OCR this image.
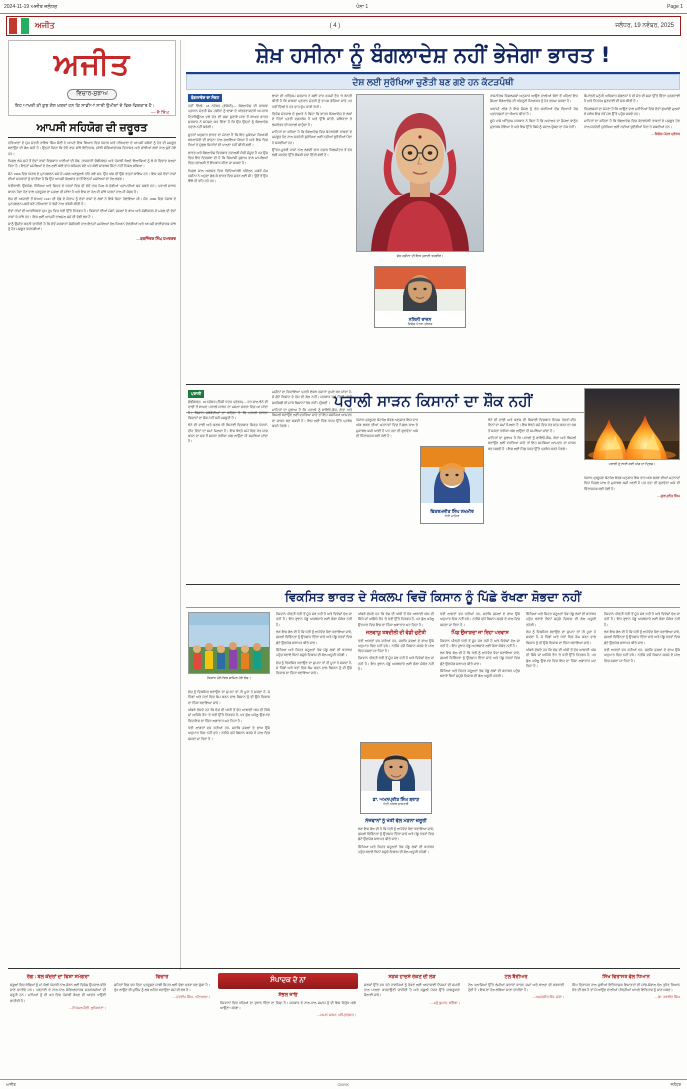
2024-11-19 ਅਜੀਤ ਜਲੰਧਰ	ਪੰਨਾ 1	Page 1
ਅਜੀਤ	( 4 )	ਜਲੰਧਰ, 19 ਨਵੰਬਰ, 2025
ਅਜੀਤ
ਵਿਚਾਰ-ਸੁਝਾਅ
ਇਹ ਆਖ਼ਰੀ ਕੀ ਕੁਝ ਗੱਲ ਖ਼ਬਰਾਂ ਹਨ ਕਿ ਸਾਡੀਆਂ ਸਾਰੀ ਉਮੀਦਾਂ ਦੇ ਵਿਚ-ਵਿਚਕਾਰ ਹੈ।
— ਜੈ ਸਿੰਘ
ਆਪਸੀ ਸਹਿਯੋਗ ਦੀ ਜ਼ਰੂਰਤ

ਹਰਿਆਣਾ ਦੇ ਮੁੱਖ ਮੰਤਰੀ ਨਾਇਬ ਸਿੰਘ ਸੈਣੀ ਨੇ ਆਪਣੇ ਇਕ ਬਿਆਨ ਵਿਚ ਪੰਜਾਬ ਅਤੇ ਹਰਿਆਣਾ ਦੇ ਆਪਸੀ ਸਬੰਧਾਂ ਨੂੰ ਹੋਰ ਵੀ ਮਜ਼ਬੂਤ ਬਣਾਉਣ ਦੀ ਗੱਲ ਕਹੀ ਹੈ। ਉਨ੍ਹਾਂ ਕਿਹਾ ਕਿ ਦੋਵੇਂ ਰਾਜ ਸਾਂਝੇ ਇਤਿਹਾਸ, ਸਾਂਝੀ ਸੱਭਿਆਚਾਰਕ ਵਿਰਾਸਤ ਅਤੇ ਸਾਂਝੀਆਂ ਲੋੜਾਂ ਨਾਲ ਜੁੜੇ ਹੋਏ ਹਨ।

ਪਿਛਲੇ ਲੰਮੇ ਸਮੇਂ ਤੋਂ ਦੋਵਾਂ ਰਾਜਾਂ ਵਿਚਕਾਰ ਪਾਣੀਆਂ ਦੀ ਵੰਡ, ਰਾਜਧਾਨੀ ਚੰਡੀਗੜ੍ਹ ਅਤੇ ਪੰਜਾਬੀ ਬੋਲਦੇ ਇਲਾਕਿਆਂ ਨੂੰ ਲੈ ਕੇ ਵਿਵਾਦ ਚਲਦਾ ਰਿਹਾ ਹੈ। ਇਨ੍ਹਾਂ ਮਸਲਿਆਂ ਦੇ ਹੱਲ ਲਈ ਕਈ ਵਾਰ ਕਮਿਸ਼ਨ ਬਣੇ ਪਰ ਕੋਈ ਸਾਰਥਕ ਸਿੱਟਾ ਨਹੀਂ ਨਿਕਲ ਸਕਿਆ।

ਸੰਨ 1966 ਵਿਚ ਪੰਜਾਬ ਦੇ ਪੁਨਰਗਠਨ ਸਮੇਂ ਜੋ ਮਸਲੇ ਅਣਸੁਲਝੇ ਰਹਿ ਗਏ ਸਨ, ਉਹ ਅੱਜ ਵੀ ਉਸੇ ਤਰ੍ਹਾਂ ਕਾਇਮ ਹਨ। ਇਸ ਸਮੇਂ ਦੋਵਾਂ ਰਾਜਾਂ ਦੀਆਂ ਸਰਕਾਰਾਂ ਨੂੰ ਚਾਹੀਦਾ ਹੈ ਕਿ ਉਹ ਆਪਸੀ ਗੱਲਬਾਤ ਰਾਹੀਂ ਇਨ੍ਹਾਂ ਮਸਲਿਆਂ ਦਾ ਹੱਲ ਲੱਭਣ।

ਖੇਤੀਬਾੜੀ, ਉਦਯੋਗ, ਸਿੱਖਿਆ ਅਤੇ ਸਿਹਤ ਦੇ ਖੇਤਰਾਂ ਵਿਚ ਵੀ ਦੋਵੇਂ ਰਾਜ ਮਿਲ ਕੇ ਵੱਡੀਆਂ ਪ੍ਰਾਪਤੀਆਂ ਕਰ ਸਕਦੇ ਹਨ। ਪਰਾਲੀ ਸਾੜਨ ਕਾਰਨ ਪੈਦਾ ਹੋਣ ਵਾਲੇ ਪ੍ਰਦੂਸ਼ਣ ਦਾ ਮਸਲਾ ਵੀ ਸਾਂਝਾ ਹੈ ਅਤੇ ਇਸ ਦਾ ਹੱਲ ਵੀ ਸਾਂਝੇ ਯਤਨਾਂ ਨਾਲ ਹੀ ਸੰਭਵ ਹੈ।

ਦੇਸ਼ ਦੀ ਆਜ਼ਾਦੀ ਤੋਂ ਬਾਅਦ 1947 ਦੀ ਵੰਡ ਦੇ ਸੰਤਾਪ ਨੂੰ ਦੋਵਾਂ ਰਾਜਾਂ ਦੇ ਲੋਕਾਂ ਨੇ ਇਕੋ ਜਿਹਾ ਹੰਢਾਇਆ ਸੀ। ਸੰਨ 1966 ਵਿਚ ਪੰਜਾਬ ਦੇ ਪੁਨਰਗਠਨ ਮਗਰੋਂ ਬਣੇ ਹਰਿਆਣਾ ਨੇ ਤੇਜ਼ੀ ਨਾਲ ਤਰੱਕੀ ਕੀਤੀ ਹੈ।

ਦੋਵਾਂ ਰਾਜਾਂ ਦੀ ਆਰਥਿਕਤਾ ਮੁੱਖ ਰੂਪ ਵਿਚ ਖੇਤੀ ਉੱਤੇ ਨਿਰਭਰ ਹੈ। ਕਿਸਾਨਾਂ ਦੀਆਂ ਮੰਗਾਂ, ਫ਼ਸਲਾਂ ਦੇ ਭਾਅ ਅਤੇ ਮੰਡੀਕਰਨ ਦੇ ਮਸਲੇ ਵੀ ਦੋਵਾਂ ਰਾਜਾਂ ਦੇ ਸਾਂਝੇ ਹਨ। ਇਸ ਲਈ ਆਪਸੀ ਤਾਲਮੇਲ ਸਮੇਂ ਦੀ ਵੱਡੀ ਲੋੜ ਹੈ।

ਸਾਨੂੰ ਉਮੀਦ ਕਰਨੀ ਚਾਹੀਦੀ ਹੈ ਕਿ ਦੋਵੇਂ ਸਰਕਾਰਾਂ ਸੰਜੀਦਗੀ ਨਾਲ ਇਨ੍ਹਾਂ ਮਸਲਿਆਂ ਵੱਲ ਧਿਆਨ ਦੇਣਗੀਆਂ ਅਤੇ ਆਪਸੀ ਭਾਈਚਾਰਕ ਸਾਂਝ ਨੂੰ ਹੋਰ ਮਜ਼ਬੂਤ ਕਰਨਗੀਆਂ।

—ਬਰਜਿੰਦਰ ਸਿੰਘ ਹਮਦਰਦ
ਸ਼ੇਖ਼ ਹਸੀਨਾ ਨੂੰ ਬੰਗਲਾਦੇਸ਼ ਨਹੀਂ ਭੇਜੇਗਾ ਭਾਰਤ !
ਦੇਸ਼ ਲਈ ਸੁਰੱਖਿਆ ਚੁਣੌਤੀ ਬਣ ਗਏ ਹਨ ਕੱਟੜਪੰਥੀ
ਬੰਗਲਾਦੇਸ਼ ਦਾ ਸੰਕਟ

ਨਵੀਂ ਦਿੱਲੀ, 18 ਨਵੰਬਰ (ਏਜੰਸੀ)— ਬੰਗਲਾਦੇਸ਼ ਦੀ ਸਾਬਕਾ ਪ੍ਰਧਾਨ ਮੰਤਰੀ ਸ਼ੇਖ਼ ਹਸੀਨਾ ਨੂੰ ਢਾਕਾ ਦੇ ਅੰਤਰਰਾਸ਼ਟਰੀ ਅਪਰਾਧ ਟ੍ਰਿਬਿਊਨਲ ਵਲੋਂ ਮੌਤ ਦੀ ਸਜ਼ਾ ਸੁਣਾਏ ਜਾਣ ਤੋਂ ਬਾਅਦ ਭਾਰਤ ਸਰਕਾਰ ਨੇ ਸਪੱਸ਼ਟ ਕਰ ਦਿੱਤਾ ਹੈ ਕਿ ਉਹ ਉਨ੍ਹਾਂ ਨੂੰ ਬੰਗਲਾਦੇਸ਼ ਹਵਾਲੇ ਨਹੀਂ ਕਰੇਗੀ।

ਸੂਤਰਾਂ ਅਨੁਸਾਰ ਭਾਰਤ ਦਾ ਮੰਨਣਾ ਹੈ ਕਿ ਇਹ ਮੁਕੱਦਮਾ ਸਿਆਸੀ ਬਦਲਾਖੋਰੀ ਦੀ ਭਾਵਨਾ ਨਾਲ ਚਲਾਇਆ ਗਿਆ ਹੈ ਅਤੇ ਇਸ ਵਿਚ ਨਿਆਂ ਦੇ ਮੁੱਢਲੇ ਸਿਧਾਂਤਾਂ ਦੀ ਪਾਲਣਾ ਨਹੀਂ ਕੀਤੀ ਗਈ।

ਭਾਰਤ ਅਤੇ ਬੰਗਲਾਦੇਸ਼ ਵਿਚਕਾਰ ਹਵਾਲਗੀ ਸੰਧੀ ਮੌਜੂਦ ਹੈ ਪਰ ਉਸ ਵਿਚ ਇਹ ਵਿਵਸਥਾ ਵੀ ਹੈ ਕਿ ਸਿਆਸੀ ਸੁਭਾਅ ਵਾਲੇ ਮਾਮਲਿਆਂ ਵਿਚ ਹਵਾਲਗੀ ਤੋਂ ਇਨਕਾਰ ਕੀਤਾ ਜਾ ਸਕਦਾ ਹੈ।

ਪਿਛਲੇ ਸਾਲ ਅਗਸਤ ਵਿਚ ਵਿਦਿਆਰਥੀ ਅੰਦੋਲਨ ਮਗਰੋਂ ਸ਼ੇਖ਼ ਹਸੀਨਾ ਨੇ ਅਹੁਦਾ ਛੱਡ ਕੇ ਭਾਰਤ ਵਿਚ ਸ਼ਰਨ ਲਈ ਸੀ। ਉਦੋਂ ਤੋਂ ਉਹ ਇੱਥੇ ਹੀ ਰਹਿ ਰਹੇ ਹਨ।

ਢਾਕਾ ਦੀ ਅੰਤ੍ਰਿਮ ਸਰਕਾਰ ਨੇ ਕਈ ਵਾਰ ਰਸਮੀ ਤੌਰ 'ਤੇ ਬੇਨਤੀ ਕੀਤੀ ਹੈ ਕਿ ਸਾਬਕਾ ਪ੍ਰਧਾਨ ਮੰਤਰੀ ਨੂੰ ਵਾਪਸ ਭੇਜਿਆ ਜਾਵੇ ਪਰ ਨਵੀਂ ਦਿੱਲੀ ਨੇ ਹਰ ਵਾਰ ਚੁੱਪ ਧਾਰੀ ਰੱਖੀ।

ਵਿਦੇਸ਼ ਮੰਤਰਾਲੇ ਦੇ ਬੁਲਾਰੇ ਨੇ ਕਿਹਾ ਕਿ ਭਾਰਤ ਬੰਗਲਾਦੇਸ਼ ਦੇ ਲੋਕਾਂ ਦੇ ਹਿੱਤਾਂ ਪ੍ਰਤੀ ਵਚਨਬੱਧ ਹੈ ਅਤੇ ਉੱਥੇ ਸ਼ਾਂਤੀ, ਸਥਿਰਤਾ ਤੇ ਲੋਕਤੰਤਰ ਦੀ ਬਹਾਲੀ ਚਾਹੁੰਦਾ ਹੈ।

ਮਾਹਿਰਾਂ ਦਾ ਕਹਿਣਾ ਹੈ ਕਿ ਬੰਗਲਾਦੇਸ਼ ਵਿਚ ਕੱਟੜਪੰਥੀ ਤਾਕਤਾਂ ਦੇ ਮਜ਼ਬੂਤ ਹੋਣ ਨਾਲ ਸਰਹੱਦੀ ਸੁਰੱਖਿਆ ਲਈ ਨਵੀਆਂ ਚੁਣੌਤੀਆਂ ਪੈਦਾ ਹੋ ਸਕਦੀਆਂ ਹਨ।

ਉੱਤਰ-ਪੂਰਬੀ ਰਾਜਾਂ ਨਾਲ ਲੱਗਦੀ ਚਾਰ ਹਜ਼ਾਰ ਕਿਲੋਮੀਟਰ ਤੋਂ ਵੱਧ ਲੰਬੀ ਸਰਹੱਦ ਉੱਤੇ ਚੌਕਸੀ ਵਧਾ ਦਿੱਤੀ ਗਈ ਹੈ।

ਸ਼ੇਖ਼ ਹਸੀਨਾ ਦੀ ਇਕ ਪੁਰਾਣੀ ਤਸਵੀਰ।
ਨਲਿਨੀ ਰਾਜਨ
ਵਿਸ਼ੇਸ਼ ਪੱਤਰ ਪ੍ਰੇਰਕ

ਰਾਜਨੀਤਕ ਵਿਸ਼ਲੇਸ਼ਕਾਂ ਅਨੁਸਾਰ ਆਉਣ ਵਾਲੀਆਂ ਚੋਣਾਂ ਤੋਂ ਪਹਿਲਾਂ ਇਹ ਫ਼ੈਸਲਾ ਬੰਗਲਾਦੇਸ਼ ਦੀ ਅੰਦਰੂਨੀ ਸਿਆਸਤ ਨੂੰ ਹੋਰ ਗਰਮਾ ਸਕਦਾ ਹੈ।

ਅਵਾਮੀ ਲੀਗ ਨੇ ਇਸ ਫ਼ੈਸਲੇ ਨੂੰ ਰੱਦ ਕਰਦਿਆਂ ਦੇਸ਼ ਵਿਆਪੀ ਰੋਸ ਪ੍ਰਦਰਸ਼ਨਾਂ ਦਾ ਐਲਾਨ ਕੀਤਾ ਹੈ।

ਦੂਜੇ ਪਾਸੇ ਅੰਤ੍ਰਿਮ ਸਰਕਾਰ ਨੇ ਕਿਹਾ ਹੈ ਕਿ ਅਦਾਲਤ ਦਾ ਫ਼ੈਸਲਾ ਕਾਨੂੰਨ ਮੁਤਾਬਕ ਹੋਇਆ ਹੈ ਅਤੇ ਇਸ ਉੱਤੇ ਕਿਸੇ ਨੂੰ ਸਵਾਲ ਚੁੱਕਣ ਦਾ ਹੱਕ ਨਹੀਂ।

ਕੌਮਾਂਤਰੀ ਮਨੁੱਖੀ ਅਧਿਕਾਰ ਸੰਗਠਨਾਂ ਨੇ ਵੀ ਮੌਤ ਦੀ ਸਜ਼ਾ ਉੱਤੇ ਚਿੰਤਾ ਪ੍ਰਗਟਾਈ ਹੈ ਅਤੇ ਨਿਰਪੱਖ ਸੁਣਵਾਈ ਦੀ ਮੰਗ ਕੀਤੀ ਹੈ।

ਵਿਸ਼ਲੇਸ਼ਕਾਂ ਦਾ ਮੰਨਣਾ ਹੈ ਕਿ ਆਉਣ ਵਾਲੇ ਮਹੀਨਿਆਂ ਵਿਚ ਦੋਵਾਂ ਗੁਆਂਢੀ ਮੁਲਕਾਂ ਦੇ ਸਬੰਧ ਇਕ ਨਵੇਂ ਮੋੜ ਉੱਤੇ ਪਹੁੰਚ ਸਕਦੇ ਹਨ।

ਮਾਹਿਰਾਂ ਦਾ ਕਹਿਣਾ ਹੈ ਕਿ ਬੰਗਲਾਦੇਸ਼ ਵਿਚ ਕੱਟੜਪੰਥੀ ਤਾਕਤਾਂ ਦੇ ਮਜ਼ਬੂਤ ਹੋਣ ਨਾਲ ਸਰਹੱਦੀ ਸੁਰੱਖਿਆ ਲਈ ਨਵੀਆਂ ਚੁਣੌਤੀਆਂ ਪੈਦਾ ਹੋ ਸਕਦੀਆਂ ਹਨ।

—ਵਿਸ਼ੇਸ਼ ਪੱਤਰ ਪ੍ਰੇਰਕ
ਪਰਾਲੀ ਸਾੜਨ ਕਿਸਾਨਾਂ ਦਾ ਸ਼ੌਕ ਨਹੀਂ
ਪਰਾਲੀ

ਚੰਡੀਗੜ੍ਹ, 18 ਨਵੰਬਰ (ਨਿੱਜੀ ਪੱਤਰ ਪ੍ਰੇਰਕ)— ਹਰ ਸਾਲ ਝੋਨੇ ਦੀ ਵਾਢੀ ਤੋਂ ਬਾਅਦ ਪਰਾਲੀ ਸਾੜਨ ਦਾ ਮਸਲਾ ਚਰਚਾ ਵਿਚ ਆ ਜਾਂਦਾ ਹੈ। ਕਿਸਾਨ ਜਥੇਬੰਦੀਆਂ ਦਾ ਕਹਿਣਾ ਹੈ ਕਿ ਪਰਾਲੀ ਸਾੜਨਾ ਕਿਸਾਨਾਂ ਦਾ ਸ਼ੌਕ ਨਹੀਂ ਸਗੋਂ ਮਜਬੂਰੀ ਹੈ।

ਝੋਨੇ ਦੀ ਵਾਢੀ ਅਤੇ ਕਣਕ ਦੀ ਬਿਜਾਈ ਵਿਚਕਾਰ ਸਿਰਫ਼ ਪੰਦਰਾਂ-ਵੀਹ ਦਿਨਾਂ ਦਾ ਸਮਾਂ ਮਿਲਦਾ ਹੈ। ਇਸ ਥੋੜ੍ਹੇ ਸਮੇਂ ਵਿਚ ਖੇਤ ਸਾਫ਼ ਕਰਨ ਦਾ ਸਭ ਤੋਂ ਸਸਤਾ ਤਰੀਕਾ ਅੱਗ ਲਾਉਣਾ ਹੀ ਸਮਝਿਆ ਜਾਂਦਾ ਹੈ।

ਮਸ਼ੀਨਾਂ ਦਾ ਕਿਰਾਇਆ ਪ੍ਰਤੀ ਏਕੜ ਹਜ਼ਾਰਾਂ ਰੁਪਏ ਬਣ ਜਾਂਦਾ ਹੈ, ਜੋ ਛੋਟੇ ਕਿਸਾਨ ਦੇ ਵੱਸ ਦੀ ਗੱਲ ਨਹੀਂ। ਸਰਕਾਰ ਵਲੋਂ ਦਿੱਤੀ ਜਾਂਦੀ ਸਬਸਿਡੀ ਵੀ ਸਾਰੇ ਕਿਸਾਨਾਂ ਤੱਕ ਨਹੀਂ ਪਹੁੰਚਦੀ।

ਮਾਹਿਰਾਂ ਦਾ ਸੁਝਾਅ ਹੈ ਕਿ ਪਰਾਲੀ ਨੂੰ ਬਾਇਓ-ਗੈਸ, ਗੱਤਾ ਅਤੇ ਬਿਜਲੀ ਬਣਾਉਣ ਲਈ ਵਰਤਿਆ ਜਾਵੇ ਤਾਂ ਇਹ ਸਮੱਸਿਆ ਆਮਦਨ ਦਾ ਸਾਧਨ ਬਣ ਸਕਦੀ ਹੈ। ਇਸ ਲਈ ਪਿੰਡ ਪੱਧਰ ਉੱਤੇ ਪ੍ਰਬੰਧ ਕਰਨੇ ਪੈਣਗੇ।

ਪੰਜਾਬ ਪ੍ਰਦੂਸ਼ਣ ਕੰਟਰੋਲ ਬੋਰਡ ਅਨੁਸਾਰ ਇਸ ਵਾਰ ਅੱਗ ਲੱਗਣ ਦੀਆਂ ਘਟਨਾਵਾਂ ਵਿਚ ਪਿਛਲੇ ਸਾਲ ਦੇ ਮੁਕਾਬਲੇ ਕਮੀ ਆਈ ਹੈ ਪਰ ਹਵਾ ਦੀ ਗੁਣਵੱਤਾ ਅਜੇ ਵੀ ਚਿੰਤਾਜਨਕ ਬਣੀ ਹੋਈ ਹੈ।

ਵਿਕਰਮਜੀਤ ਸਿੰਘ ਲਖਮੀਰ
ਖੇਤੀ ਮਾਹਿਰ

ਝੋਨੇ ਦੀ ਵਾਢੀ ਅਤੇ ਕਣਕ ਦੀ ਬਿਜਾਈ ਵਿਚਕਾਰ ਸਿਰਫ਼ ਪੰਦਰਾਂ-ਵੀਹ ਦਿਨਾਂ ਦਾ ਸਮਾਂ ਮਿਲਦਾ ਹੈ। ਇਸ ਥੋੜ੍ਹੇ ਸਮੇਂ ਵਿਚ ਖੇਤ ਸਾਫ਼ ਕਰਨ ਦਾ ਸਭ ਤੋਂ ਸਸਤਾ ਤਰੀਕਾ ਅੱਗ ਲਾਉਣਾ ਹੀ ਸਮਝਿਆ ਜਾਂਦਾ ਹੈ।

ਮਾਹਿਰਾਂ ਦਾ ਸੁਝਾਅ ਹੈ ਕਿ ਪਰਾਲੀ ਨੂੰ ਬਾਇਓ-ਗੈਸ, ਗੱਤਾ ਅਤੇ ਬਿਜਲੀ ਬਣਾਉਣ ਲਈ ਵਰਤਿਆ ਜਾਵੇ ਤਾਂ ਇਹ ਸਮੱਸਿਆ ਆਮਦਨ ਦਾ ਸਾਧਨ ਬਣ ਸਕਦੀ ਹੈ। ਇਸ ਲਈ ਪਿੰਡ ਪੱਧਰ ਉੱਤੇ ਪ੍ਰਬੰਧ ਕਰਨੇ ਪੈਣਗੇ।

ਪਰਾਲੀ ਨੂੰ ਲਾਈ ਗਈ ਅੱਗ ਦਾ ਦ੍ਰਿਸ਼।

ਪੰਜਾਬ ਪ੍ਰਦੂਸ਼ਣ ਕੰਟਰੋਲ ਬੋਰਡ ਅਨੁਸਾਰ ਇਸ ਵਾਰ ਅੱਗ ਲੱਗਣ ਦੀਆਂ ਘਟਨਾਵਾਂ ਵਿਚ ਪਿਛਲੇ ਸਾਲ ਦੇ ਮੁਕਾਬਲੇ ਕਮੀ ਆਈ ਹੈ ਪਰ ਹਵਾ ਦੀ ਗੁਣਵੱਤਾ ਅਜੇ ਵੀ ਚਿੰਤਾਜਨਕ ਬਣੀ ਹੋਈ ਹੈ।

—ਗੁਰਪ੍ਰੀਤ ਸਿੰਘ
ਵਿਕਸਿਤ ਭਾਰਤ ਦੇ ਸੰਕਲਪ ਵਿਚੋਂ ਕਿਸਾਨ ਨੂੰ ਪਿੱਛੇ ਰੱਖਣਾ ਸ਼ੋਭਦਾ ਨਹੀਂ
ਕਿਸਾਨ ਮੇਲੇ ਵਿਚ ਸ਼ਾਮਿਲ ਹੋਏ ਲੋਕ।

ਦੇਸ਼ ਨੂੰ ਵਿਕਸਿਤ ਬਣਾਉਣ ਦਾ ਸੁਪਨਾ ਤਾਂ ਹੀ ਪੂਰਾ ਹੋ ਸਕਦਾ ਹੈ, ਜੇ ਪਿੰਡਾਂ ਅਤੇ ਖੇਤਾਂ ਵਿਚ ਕੰਮ ਕਰਨ ਵਾਲੇ ਕਿਸਾਨ ਨੂੰ ਵੀ ਉਸੇ ਵਿਕਾਸ ਦਾ ਹਿੱਸਾ ਬਣਾਇਆ ਜਾਵੇ।

ਅੰਕੜੇ ਦੱਸਦੇ ਹਨ ਕਿ ਦੇਸ਼ ਦੀ ਅੱਧੀ ਤੋਂ ਵੱਧ ਆਬਾਦੀ ਅੱਜ ਵੀ ਸਿੱਧੇ ਜਾਂ ਅਸਿੱਧੇ ਤੌਰ 'ਤੇ ਖੇਤੀ ਉੱਤੇ ਨਿਰਭਰ ਹੈ, ਪਰ ਕੁੱਲ ਘਰੇਲੂ ਉਤਪਾਦ ਵਿਚ ਇਸ ਦਾ ਹਿੱਸਾ ਲਗਾਤਾਰ ਘਟ ਰਿਹਾ ਹੈ।

ਖੇਤੀ ਲਾਗਤਾਂ ਵਧ ਰਹੀਆਂ ਹਨ, ਜਦਕਿ ਫ਼ਸਲਾਂ ਦੇ ਭਾਅ ਉਸੇ ਅਨੁਪਾਤ ਵਿਚ ਨਹੀਂ ਵਧੇ। ਨਤੀਜੇ ਵਜੋਂ ਕਿਸਾਨ ਕਰਜ਼ੇ ਦੇ ਜਾਲ ਵਿਚ ਫਸਦਾ ਜਾ ਰਿਹਾ ਹੈ।

ਨੌਜਵਾਨ ਪੀੜ੍ਹੀ ਖੇਤੀ ਤੋਂ ਮੂੰਹ ਮੋੜ ਰਹੀ ਹੈ ਅਤੇ ਵਿਦੇਸ਼ਾਂ ਵੱਲ ਜਾ ਰਹੀ ਹੈ। ਇਹ ਰੁਝਾਨ ਪੇਂਡੂ ਅਰਥਚਾਰੇ ਲਈ ਚੰਗਾ ਸੰਕੇਤ ਨਹੀਂ ਹੈ।

ਲੋੜ ਇਸ ਗੱਲ ਦੀ ਹੈ ਕਿ ਖੇਤੀ ਨੂੰ ਲਾਹੇਵੰਦ ਧੰਦਾ ਬਣਾਇਆ ਜਾਵੇ, ਫ਼ਸਲੀ ਵਿਭਿੰਨਤਾ ਨੂੰ ਉਤਸ਼ਾਹ ਦਿੱਤਾ ਜਾਵੇ ਅਤੇ ਪੇਂਡੂ ਖੇਤਰਾਂ ਵਿਚ ਛੋਟੇ ਉਦਯੋਗ ਸਥਾਪਤ ਕੀਤੇ ਜਾਣ।

ਸਿੱਖਿਆ ਅਤੇ ਸਿਹਤ ਸਹੂਲਤਾਂ ਤੱਕ ਪੇਂਡੂ ਲੋਕਾਂ ਦੀ ਬਰਾਬਰ ਪਹੁੰਚ ਬਣਾਏ ਬਿਨਾਂ ਸਮੁੱਚੇ ਵਿਕਾਸ ਦੀ ਗੱਲ ਅਧੂਰੀ ਰਹੇਗੀ।

ਦੇਸ਼ ਨੂੰ ਵਿਕਸਿਤ ਬਣਾਉਣ ਦਾ ਸੁਪਨਾ ਤਾਂ ਹੀ ਪੂਰਾ ਹੋ ਸਕਦਾ ਹੈ, ਜੇ ਪਿੰਡਾਂ ਅਤੇ ਖੇਤਾਂ ਵਿਚ ਕੰਮ ਕਰਨ ਵਾਲੇ ਕਿਸਾਨ ਨੂੰ ਵੀ ਉਸੇ ਵਿਕਾਸ ਦਾ ਹਿੱਸਾ ਬਣਾਇਆ ਜਾਵੇ।

ਅੰਕੜੇ ਦੱਸਦੇ ਹਨ ਕਿ ਦੇਸ਼ ਦੀ ਅੱਧੀ ਤੋਂ ਵੱਧ ਆਬਾਦੀ ਅੱਜ ਵੀ ਸਿੱਧੇ ਜਾਂ ਅਸਿੱਧੇ ਤੌਰ 'ਤੇ ਖੇਤੀ ਉੱਤੇ ਨਿਰਭਰ ਹੈ, ਪਰ ਕੁੱਲ ਘਰੇਲੂ ਉਤਪਾਦ ਵਿਚ ਇਸ ਦਾ ਹਿੱਸਾ ਲਗਾਤਾਰ ਘਟ ਰਿਹਾ ਹੈ।

ਜਲਵਾਯੂ ਤਬਦੀਲੀ ਦੀ ਵੱਡੀ ਚੁਣੌਤੀ

ਖੇਤੀ ਲਾਗਤਾਂ ਵਧ ਰਹੀਆਂ ਹਨ, ਜਦਕਿ ਫ਼ਸਲਾਂ ਦੇ ਭਾਅ ਉਸੇ ਅਨੁਪਾਤ ਵਿਚ ਨਹੀਂ ਵਧੇ। ਨਤੀਜੇ ਵਜੋਂ ਕਿਸਾਨ ਕਰਜ਼ੇ ਦੇ ਜਾਲ ਵਿਚ ਫਸਦਾ ਜਾ ਰਿਹਾ ਹੈ।

ਨੌਜਵਾਨ ਪੀੜ੍ਹੀ ਖੇਤੀ ਤੋਂ ਮੂੰਹ ਮੋੜ ਰਹੀ ਹੈ ਅਤੇ ਵਿਦੇਸ਼ਾਂ ਵੱਲ ਜਾ ਰਹੀ ਹੈ। ਇਹ ਰੁਝਾਨ ਪੇਂਡੂ ਅਰਥਚਾਰੇ ਲਈ ਚੰਗਾ ਸੰਕੇਤ ਨਹੀਂ ਹੈ।

ਡਾ. ਅਮਨਪ੍ਰੀਤ ਸਿੰਘ ਬਰਾੜ
ਖੇਤੀ ਅਰਥ ਸ਼ਾਸਤਰੀ
ਨੌਜਵਾਨਾਂ ਨੂੰ ਖੇਤੀ ਵੱਲ ਮੋੜਨਾ ਜ਼ਰੂਰੀ

ਲੋੜ ਇਸ ਗੱਲ ਦੀ ਹੈ ਕਿ ਖੇਤੀ ਨੂੰ ਲਾਹੇਵੰਦ ਧੰਦਾ ਬਣਾਇਆ ਜਾਵੇ, ਫ਼ਸਲੀ ਵਿਭਿੰਨਤਾ ਨੂੰ ਉਤਸ਼ਾਹ ਦਿੱਤਾ ਜਾਵੇ ਅਤੇ ਪੇਂਡੂ ਖੇਤਰਾਂ ਵਿਚ ਛੋਟੇ ਉਦਯੋਗ ਸਥਾਪਤ ਕੀਤੇ ਜਾਣ।

ਸਿੱਖਿਆ ਅਤੇ ਸਿਹਤ ਸਹੂਲਤਾਂ ਤੱਕ ਪੇਂਡੂ ਲੋਕਾਂ ਦੀ ਬਰਾਬਰ ਪਹੁੰਚ ਬਣਾਏ ਬਿਨਾਂ ਸਮੁੱਚੇ ਵਿਕਾਸ ਦੀ ਗੱਲ ਅਧੂਰੀ ਰਹੇਗੀ।

ਖੇਤੀ ਲਾਗਤਾਂ ਵਧ ਰਹੀਆਂ ਹਨ, ਜਦਕਿ ਫ਼ਸਲਾਂ ਦੇ ਭਾਅ ਉਸੇ ਅਨੁਪਾਤ ਵਿਚ ਨਹੀਂ ਵਧੇ। ਨਤੀਜੇ ਵਜੋਂ ਕਿਸਾਨ ਕਰਜ਼ੇ ਦੇ ਜਾਲ ਵਿਚ ਫਸਦਾ ਜਾ ਰਿਹਾ ਹੈ।

ਪਿੰਡ ਉਜਾੜਦਾ ਜਾ ਰਿਹਾ ਪਰਵਾਸ

ਨੌਜਵਾਨ ਪੀੜ੍ਹੀ ਖੇਤੀ ਤੋਂ ਮੂੰਹ ਮੋੜ ਰਹੀ ਹੈ ਅਤੇ ਵਿਦੇਸ਼ਾਂ ਵੱਲ ਜਾ ਰਹੀ ਹੈ। ਇਹ ਰੁਝਾਨ ਪੇਂਡੂ ਅਰਥਚਾਰੇ ਲਈ ਚੰਗਾ ਸੰਕੇਤ ਨਹੀਂ ਹੈ।

ਲੋੜ ਇਸ ਗੱਲ ਦੀ ਹੈ ਕਿ ਖੇਤੀ ਨੂੰ ਲਾਹੇਵੰਦ ਧੰਦਾ ਬਣਾਇਆ ਜਾਵੇ, ਫ਼ਸਲੀ ਵਿਭਿੰਨਤਾ ਨੂੰ ਉਤਸ਼ਾਹ ਦਿੱਤਾ ਜਾਵੇ ਅਤੇ ਪੇਂਡੂ ਖੇਤਰਾਂ ਵਿਚ ਛੋਟੇ ਉਦਯੋਗ ਸਥਾਪਤ ਕੀਤੇ ਜਾਣ।

ਸਿੱਖਿਆ ਅਤੇ ਸਿਹਤ ਸਹੂਲਤਾਂ ਤੱਕ ਪੇਂਡੂ ਲੋਕਾਂ ਦੀ ਬਰਾਬਰ ਪਹੁੰਚ ਬਣਾਏ ਬਿਨਾਂ ਸਮੁੱਚੇ ਵਿਕਾਸ ਦੀ ਗੱਲ ਅਧੂਰੀ ਰਹੇਗੀ।

ਸਿੱਖਿਆ ਅਤੇ ਸਿਹਤ ਸਹੂਲਤਾਂ ਤੱਕ ਪੇਂਡੂ ਲੋਕਾਂ ਦੀ ਬਰਾਬਰ ਪਹੁੰਚ ਬਣਾਏ ਬਿਨਾਂ ਸਮੁੱਚੇ ਵਿਕਾਸ ਦੀ ਗੱਲ ਅਧੂਰੀ ਰਹੇਗੀ।

ਦੇਸ਼ ਨੂੰ ਵਿਕਸਿਤ ਬਣਾਉਣ ਦਾ ਸੁਪਨਾ ਤਾਂ ਹੀ ਪੂਰਾ ਹੋ ਸਕਦਾ ਹੈ, ਜੇ ਪਿੰਡਾਂ ਅਤੇ ਖੇਤਾਂ ਵਿਚ ਕੰਮ ਕਰਨ ਵਾਲੇ ਕਿਸਾਨ ਨੂੰ ਵੀ ਉਸੇ ਵਿਕਾਸ ਦਾ ਹਿੱਸਾ ਬਣਾਇਆ ਜਾਵੇ।

ਅੰਕੜੇ ਦੱਸਦੇ ਹਨ ਕਿ ਦੇਸ਼ ਦੀ ਅੱਧੀ ਤੋਂ ਵੱਧ ਆਬਾਦੀ ਅੱਜ ਵੀ ਸਿੱਧੇ ਜਾਂ ਅਸਿੱਧੇ ਤੌਰ 'ਤੇ ਖੇਤੀ ਉੱਤੇ ਨਿਰਭਰ ਹੈ, ਪਰ ਕੁੱਲ ਘਰੇਲੂ ਉਤਪਾਦ ਵਿਚ ਇਸ ਦਾ ਹਿੱਸਾ ਲਗਾਤਾਰ ਘਟ ਰਿਹਾ ਹੈ।

ਨੌਜਵਾਨ ਪੀੜ੍ਹੀ ਖੇਤੀ ਤੋਂ ਮੂੰਹ ਮੋੜ ਰਹੀ ਹੈ ਅਤੇ ਵਿਦੇਸ਼ਾਂ ਵੱਲ ਜਾ ਰਹੀ ਹੈ। ਇਹ ਰੁਝਾਨ ਪੇਂਡੂ ਅਰਥਚਾਰੇ ਲਈ ਚੰਗਾ ਸੰਕੇਤ ਨਹੀਂ ਹੈ।

ਲੋੜ ਇਸ ਗੱਲ ਦੀ ਹੈ ਕਿ ਖੇਤੀ ਨੂੰ ਲਾਹੇਵੰਦ ਧੰਦਾ ਬਣਾਇਆ ਜਾਵੇ, ਫ਼ਸਲੀ ਵਿਭਿੰਨਤਾ ਨੂੰ ਉਤਸ਼ਾਹ ਦਿੱਤਾ ਜਾਵੇ ਅਤੇ ਪੇਂਡੂ ਖੇਤਰਾਂ ਵਿਚ ਛੋਟੇ ਉਦਯੋਗ ਸਥਾਪਤ ਕੀਤੇ ਜਾਣ।

ਖੇਤੀ ਲਾਗਤਾਂ ਵਧ ਰਹੀਆਂ ਹਨ, ਜਦਕਿ ਫ਼ਸਲਾਂ ਦੇ ਭਾਅ ਉਸੇ ਅਨੁਪਾਤ ਵਿਚ ਨਹੀਂ ਵਧੇ। ਨਤੀਜੇ ਵਜੋਂ ਕਿਸਾਨ ਕਰਜ਼ੇ ਦੇ ਜਾਲ ਵਿਚ ਫਸਦਾ ਜਾ ਰਿਹਾ ਹੈ।

ਸੰਪਾਦਕ ਦੇ ਨਾਂ
ਰੰਗ : ਬੋਲ ਕੇਂਦਰਾਂ ਦਾ ਵਿਸ਼ਾ ਸਮੱਗਰਾ

ਸਕੂਲਾਂ ਵਿਚ ਬੱਚਿਆਂ ਨੂੰ ਮਾਂ-ਬੋਲੀ ਪੰਜਾਬੀ ਨਾਲ ਜੋੜਨ ਲਈ ਵਿਸ਼ੇਸ਼ ਉਪਰਾਲੇ ਕੀਤੇ ਜਾਣੇ ਚਾਹੀਦੇ ਹਨ। ਪੜ੍ਹਾਈ ਦੇ ਨਾਲ-ਨਾਲ ਸੱਭਿਆਚਾਰਕ ਸਰਗਰਮੀਆਂ ਵੀ ਜ਼ਰੂਰੀ ਹਨ। ਮਾਪਿਆਂ ਨੂੰ ਵੀ ਘਰ ਵਿਚ ਪੰਜਾਬੀ ਬੋਲਣ ਦੀ ਆਦਤ ਪਾਉਣੀ ਚਾਹੀਦੀ ਹੈ।

—ਨਿਰਮਲ ਸੈਣੀ, ਲੁਧਿਆਣਾ।
ਵਿਚਾਰ

ਸ਼ਹਿਰਾਂ ਵਿਚ ਵਧ ਰਿਹਾ ਪ੍ਰਦੂਸ਼ਣ ਸਾਡੀ ਸਿਹਤ ਲਈ ਵੱਡਾ ਖ਼ਤਰਾ ਬਣ ਚੁੱਕਾ ਹੈ। ਰੁੱਖ ਲਾਉਣ ਦੀ ਮੁਹਿੰਮ ਨੂੰ ਲੋਕ ਲਹਿਰ ਬਣਾਉਣਾ ਸਮੇਂ ਦੀ ਲੋੜ ਹੈ।

—ਹਰਦੀਪ ਸਿੰਘ, ਪਟਿਆਲਾ।	ਸੰਭਲ ਜਾਓ

ਨੌਜਵਾਨਾਂ ਵਿਚ ਨਸ਼ਿਆਂ ਦਾ ਰੁਝਾਨ ਚਿੰਤਾ ਦਾ ਵਿਸ਼ਾ ਹੈ। ਸਰਕਾਰ ਦੇ ਨਾਲ-ਨਾਲ ਸਮਾਜ ਨੂੰ ਵੀ ਇਸ ਵਿਰੁੱਧ ਅੱਗੇ ਆਉਣਾ ਪਵੇਗਾ।

—ਅਮਨ ਸ਼ਰਮਾ, ਅੰਮ੍ਰਿਤਸਰ।
ਸੜਕ ਹਾਦਸੇ ਰੋਕਣ ਦੀ ਲੋੜ

ਸੜਕਾਂ ਉੱਤੇ ਵਧ ਰਹੇ ਹਾਦਸਿਆਂ ਨੂੰ ਰੋਕਣ ਲਈ ਆਵਾਜਾਈ ਨਿਯਮਾਂ ਦੀ ਸਖ਼ਤੀ ਨਾਲ ਪਾਲਣਾ ਕਰਵਾਉਣੀ ਚਾਹੀਦੀ ਹੈ ਅਤੇ ਸਕੂਲੀ ਪੱਧਰ ਉੱਤੇ ਜਾਗਰੂਕਤਾ ਫੈਲਾਈ ਜਾਵੇ।

—ਮਨੂੰ ਕੁਮਾਰ, ਬਠਿੰਡਾ।
ਟੋਲ ਬੈਰੀਅਰ

ਟੋਲ ਪਲਾਜ਼ਿਆਂ ਉੱਤੇ ਲੰਮੀਆਂ ਕਤਾਰਾਂ ਕਾਰਨ ਸਮਾਂ ਅਤੇ ਬਾਲਣ ਦੀ ਬਰਬਾਦੀ ਹੁੰਦੀ ਹੈ। ਇਸ ਦਾ ਹੱਲ ਲੱਭਿਆ ਜਾਣਾ ਚਾਹੀਦਾ ਹੈ।

—ਅਮਰਜੀਤ ਕੌਰ, ਮੋਗਾ।
ਸਿੱਖ ਵਿਰਾਸਤ ਵੱਲ ਧਿਆਨ

ਸਿੱਖ ਵਿਰਾਸਤ ਨਾਲ ਜੁੜੀਆਂ ਇਤਿਹਾਸਕ ਇਮਾਰਤਾਂ ਦੀ ਸਾਂਭ-ਸੰਭਾਲ ਵੱਲ ਤੁਰੰਤ ਧਿਆਨ ਦੇਣ ਦੀ ਲੋੜ ਹੈ ਤਾਂ ਜੋ ਆਉਣ ਵਾਲੀਆਂ ਪੀੜ੍ਹੀਆਂ ਆਪਣੇ ਇਤਿਹਾਸ ਨੂੰ ਜਾਣ ਸਕਣ।

—ਡਾ. ਰਣਬੀਰ ਸਿੰਘ
ਅਜੀਤ	CMYK	ਜਲੰਧਰ
